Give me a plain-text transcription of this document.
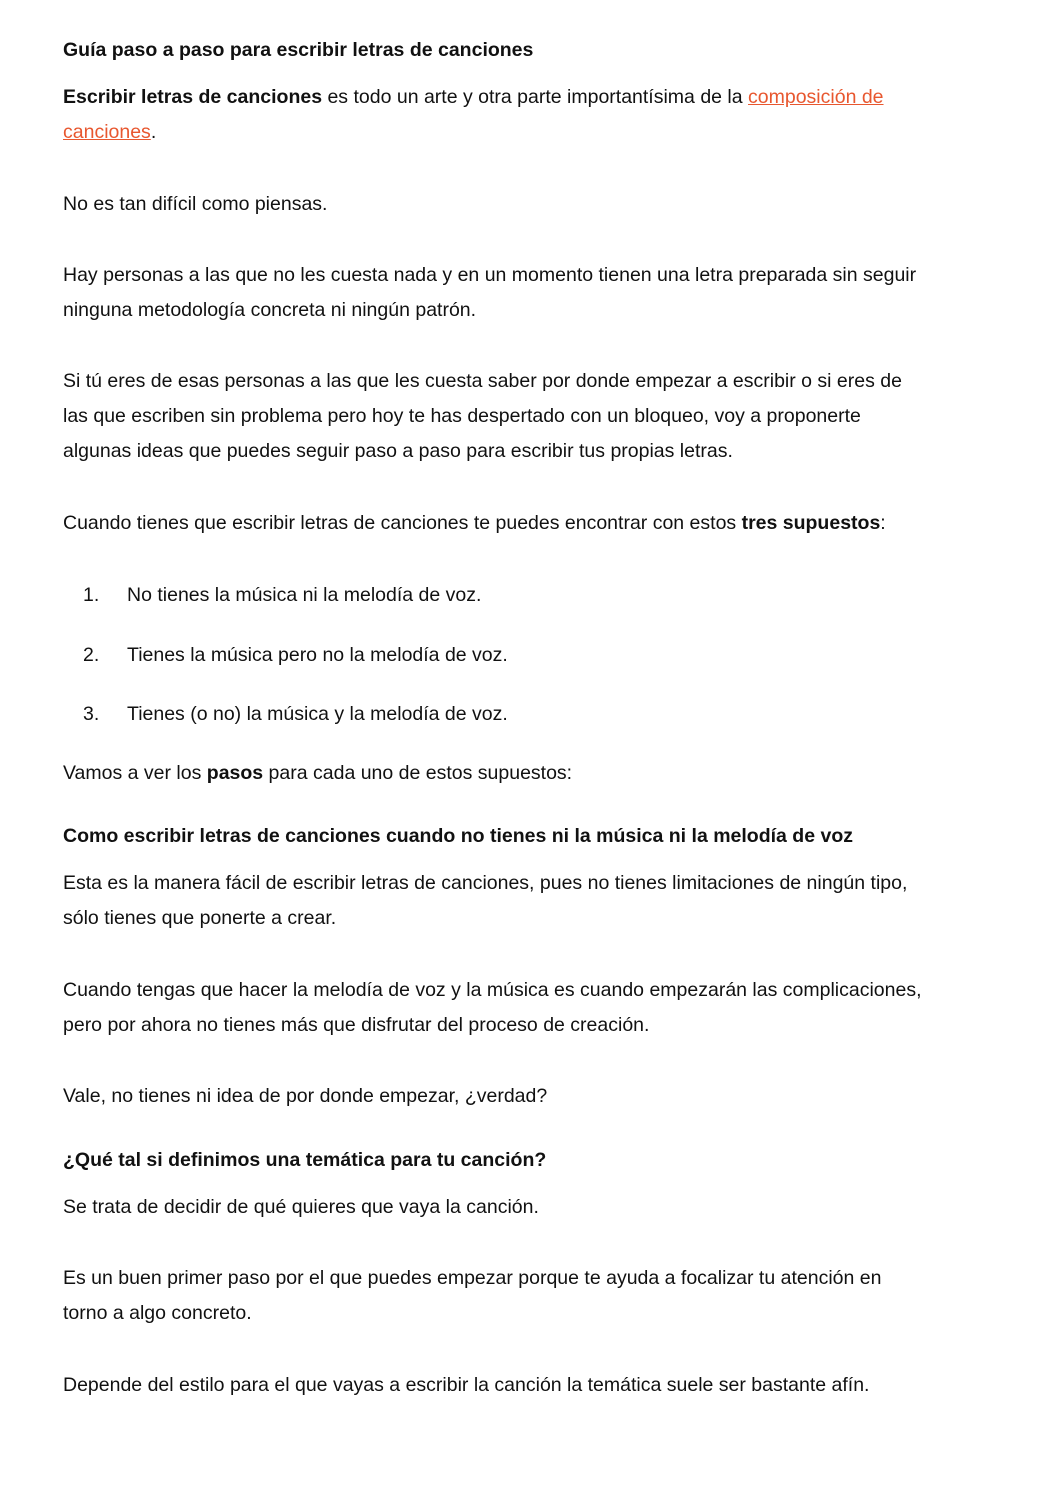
Guía paso a paso para escribir letras de canciones
Escribir letras de canciones es todo un arte y otra parte importantísima de la composición de
canciones.
No es tan difícil como piensas.
Hay personas a las que no les cuesta nada y en un momento tienen una letra preparada sin seguir
ninguna metodología concreta ni ningún patrón.
Si tú eres de esas personas a las que les cuesta saber por donde empezar a escribir o si eres de
las que escriben sin problema pero hoy te has despertado con un bloqueo, voy a proponerte
algunas ideas que puedes seguir paso a paso para escribir tus propias letras.
Cuando tienes que escribir letras de canciones te puedes encontrar con estos tres supuestos:
1.	No tienes la música ni la melodía de voz.
2.	Tienes la música pero no la melodía de voz.
3.	Tienes (o no) la música y la melodía de voz.
Vamos a ver los pasos para cada uno de estos supuestos:
Como escribir letras de canciones cuando no tienes ni la música ni la melodía de voz
Esta es la manera fácil de escribir letras de canciones, pues no tienes limitaciones de ningún tipo,
sólo tienes que ponerte a crear.
Cuando tengas que hacer la melodía de voz y la música es cuando empezarán las complicaciones,
pero por ahora no tienes más que disfrutar del proceso de creación.
Vale, no tienes ni idea de por donde empezar, ¿verdad?
¿Qué tal si definimos una temática para tu canción?
Se trata de decidir de qué quieres que vaya la canción.
Es un buen primer paso por el que puedes empezar porque te ayuda a focalizar tu atención en
torno a algo concreto.
Depende del estilo para el que vayas a escribir la canción la temática suele ser bastante afín.
